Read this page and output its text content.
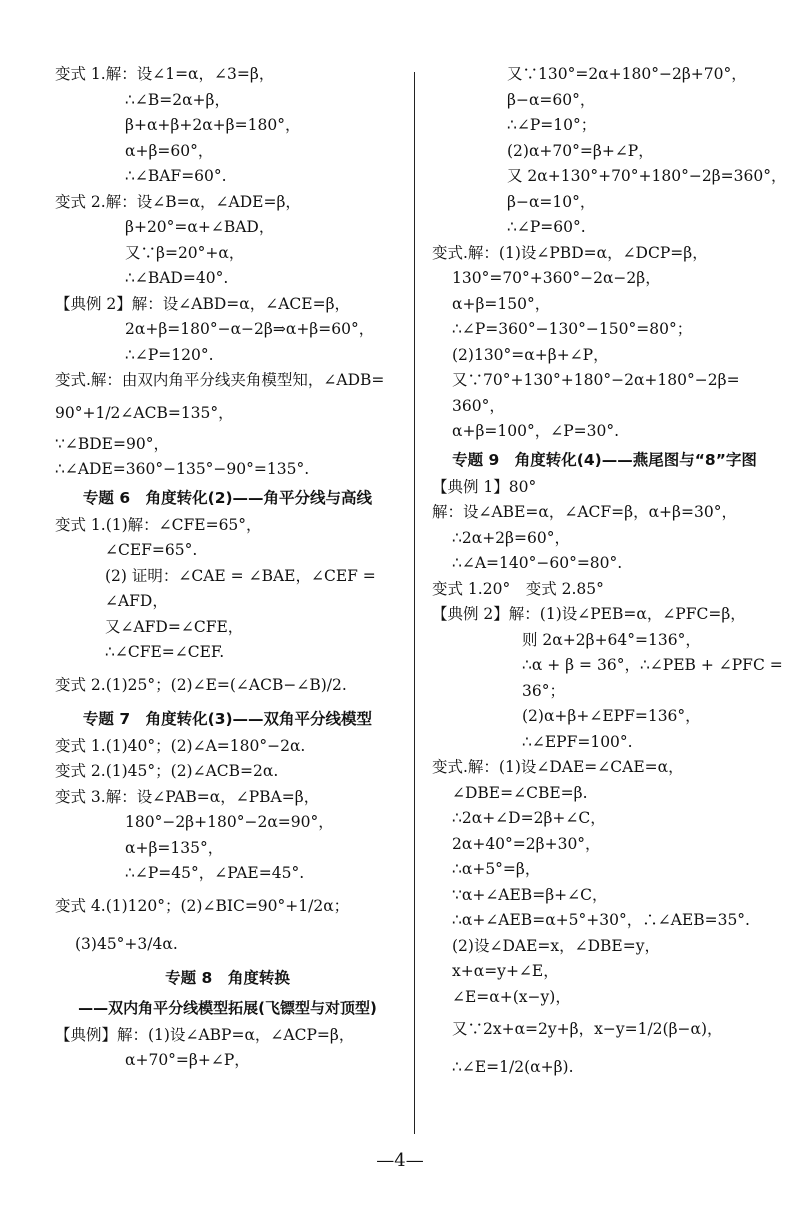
变式 1.解：设∠1=α，∠3=β，
∴∠B=2α+β，
β+α+β+2α+β=180°，
α+β=60°，
∴∠BAF=60°.
变式 2.解：设∠B=α，∠ADE=β，
β+20°=α+∠BAD，
又∵β=20°+α，
∴∠BAD=40°.
【典例 2】解：设∠ABD=α，∠ACE=β，
2α+β=180°−α−2β⇒α+β=60°，
∴∠P=120°.
变式.解：由双内角平分线夹角模型知，∠ADB=
90°+1/2∠ACB=135°，
∵∠BDE=90°，
∴∠ADE=360°−135°−90°=135°.
专题 6　角度转化(2)——角平分线与高线
变式 1.(1)解：∠CFE=65°，
∠CEF=65°.
(2) 证明：∠CAE = ∠BAE，∠CEF =
∠AFD，
又∠AFD=∠CFE，
∴∠CFE=∠CEF.
变式 2.(1)25°；(2)∠E=(∠ACB−∠B)/2.
专题 7　角度转化(3)——双角平分线模型
变式 1.(1)40°；(2)∠A=180°−2α.
变式 2.(1)45°；(2)∠ACB=2α.
变式 3.解：设∠PAB=α，∠PBA=β，
180°−2β+180°−2α=90°，
α+β=135°，
∴∠P=45°，∠PAE=45°.
变式 4.(1)120°；(2)∠BIC=90°+1/2α；
(3)45°+3/4α.
专题 8　角度转换
——双内角平分线模型拓展(飞镖型与对顶型)
【典例】解：(1)设∠ABP=α，∠ACP=β，
α+70°=β+∠P，
又∵130°=2α+180°−2β+70°，
β−α=60°，
∴∠P=10°；
(2)α+70°=β+∠P，
又 2α+130°+70°+180°−2β=360°，
β−α=10°，
∴∠P=60°.
变式.解：(1)设∠PBD=α，∠DCP=β，
130°=70°+360°−2α−2β，
α+β=150°，
∴∠P=360°−130°−150°=80°；
(2)130°=α+β+∠P，
又∵70°+130°+180°−2α+180°−2β=
360°，
α+β=100°，∠P=30°.
专题 9　角度转化(4)——燕尾图与“8”字图
【典例 1】80°
解：设∠ABE=α，∠ACF=β，α+β=30°，
∴2α+2β=60°，
∴∠A=140°−60°=80°.
变式 1.20°　变式 2.85°
【典例 2】解：(1)设∠PEB=α，∠PFC=β，
则 2α+2β+64°=136°，
∴α + β = 36°，∴∠PEB + ∠PFC =
36°；
(2)α+β+∠EPF=136°，
∴∠EPF=100°.
变式.解：(1)设∠DAE=∠CAE=α，
∠DBE=∠CBE=β.
∴2α+∠D=2β+∠C，
2α+40°=2β+30°，
∴α+5°=β，
∵α+∠AEB=β+∠C，
∴α+∠AEB=α+5°+30°，∴∠AEB=35°.
(2)设∠DAE=x，∠DBE=y，
x+α=y+∠E，
∠E=α+(x−y)，
又∵2x+α=2y+β，x−y=1/2(β−α)，
∴∠E=1/2(α+β).
—4—
